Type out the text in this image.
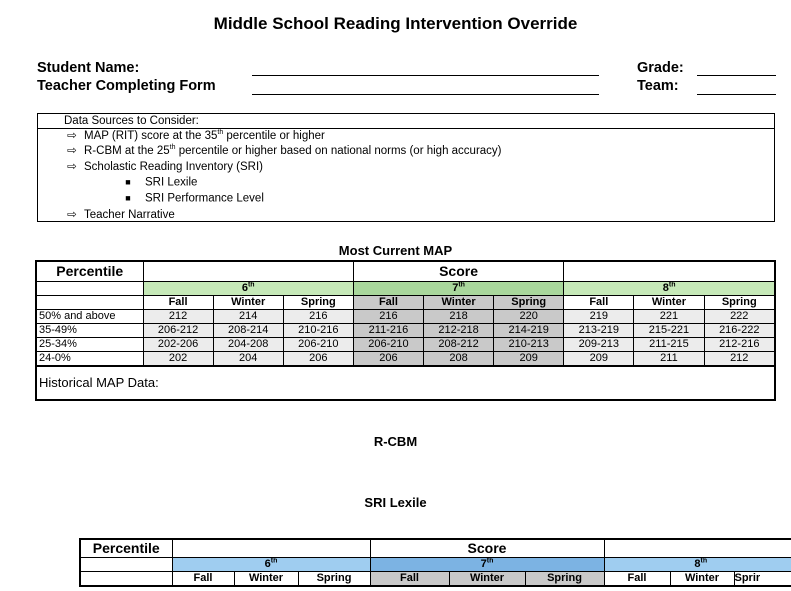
Middle School Reading Intervention Override
Student Name:
Teacher Completing Form
Grade:
Team:
Data Sources to Consider:
⇨ MAP (RIT) score at the 35th percentile or higher
⇨ R-CBM at the 25th percentile or higher based on national norms (or high accuracy)
⇨ Scholastic Reading Inventory (SRI)
■ SRI Lexile
■ SRI Performance Level
⇨ Teacher Narrative
Most Current MAP
Percentile				Score					
	6th			7th			8th
	Fall	Winter	Spring	Fall	Winter	Spring	Fall	Winter	Spring
50% and above	212	214	216	216	218	220	219	221	222
35-49%	206-212	208-214	210-216	211-216	212-218	214-219	213-219	215-221	216-222
25-34%	202-206	204-208	206-210	206-210	208-212	210-213	209-213	211-215	212-216
24-0%	202	204	206	206	208	209	209	211	212
Historical MAP Data:									
R-CBM
SRI Lexile
Percentile				Score					
	6th			7th			8th
	Fall	Winter	Spring	Fall	Winter	Spring	Fall	Winter	Sprir
